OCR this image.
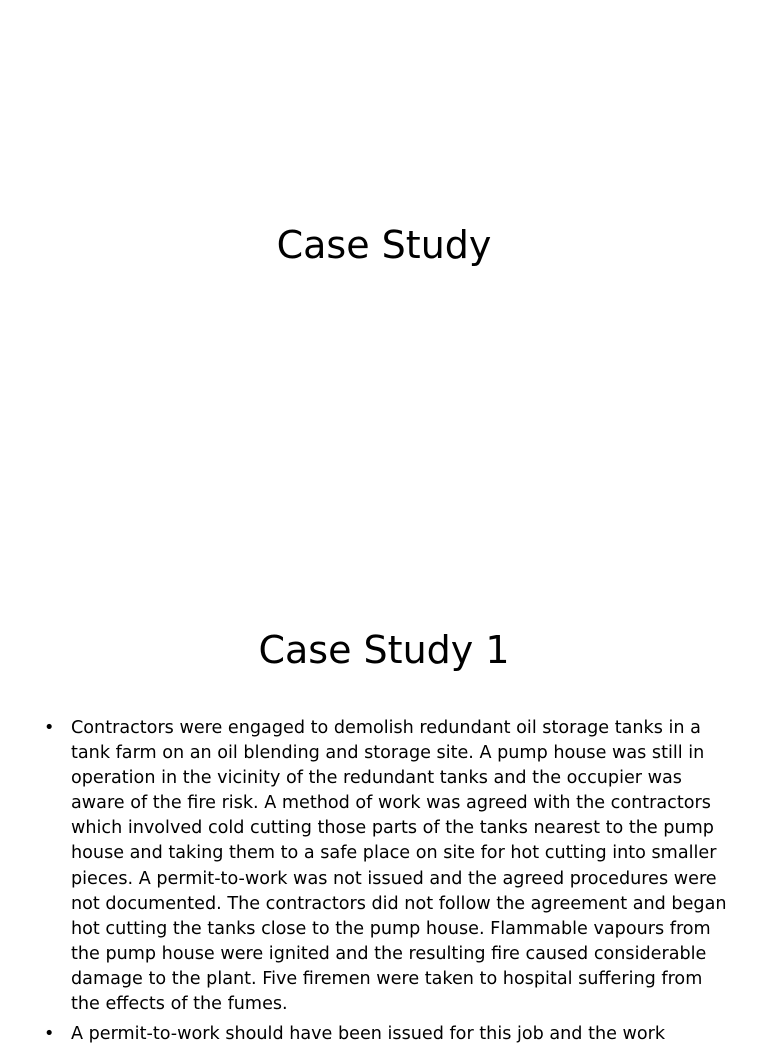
Case Study
Case Study 1
• Contractors were engaged to demolish redundant oil storage tanks in a tank farm on an oil blending and storage site. A pump house was still in operation in the vicinity of the redundant tanks and the occupier was aware of the fire risk. A method of work was agreed with the contractors which involved cold cutting those parts of the tanks nearest to the pump house and taking them to a safe place on site for hot cutting into smaller pieces. A permit-to-work was not issued and the agreed procedures were not documented. The contractors did not follow the agreement and began hot cutting the tanks close to the pump house. Flammable vapours from the pump house were ignited and the resulting fire caused considerable damage to the plant. Five firemen were taken to hospital suffering from the effects of the fumes.
• A permit-to-work should have been issued for this job and the work
